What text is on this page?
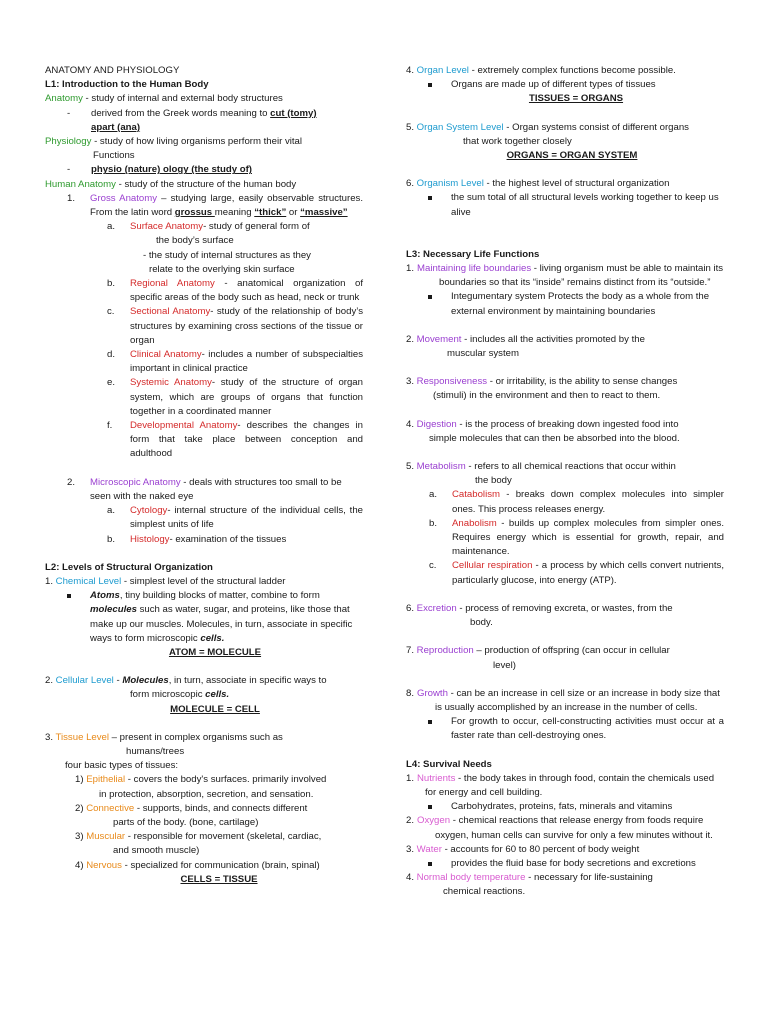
ANATOMY AND PHYSIOLOGY

L1: Introduction to the Human Body

Anatomy - study of internal and external body structures

-	derived from the Greek words meaning to cut (tomy) apart (ana)

Physiology - study of how living organisms perform their vital

Functions

-	physio (nature) ology (the study of)

Human Anatomy - study of the structure of the human body

1.	Gross Anatomy – studying large, easily observable structures. From the latin word grossus meaning “thick” or “massive”
a.	Surface Anatomy- study of general form of

the body’s surface

- the study of internal structures as they

relate to the overlying skin surface

b.	Regional Anatomy - anatomical organization of specific areas of the body such as head, neck or trunk
c.	Sectional Anatomy- study of the relationship of body’s structures by examining cross sections of the tissue or organ
d.	Clinical Anatomy- includes a number of subspecialties important in clinical practice
e.	Systemic Anatomy- study of the structure of organ system, which are groups of organs that function together in a coordinated manner
f.	Developmental Anatomy- describes the changes in form that take place between conception and adulthood
2.	Microscopic Anatomy - deals with structures too small to be seen with the naked eye
a.	Cytology- internal structure of the individual cells, the simplest units of life
b.	Histology- examination of the tissues

L2: Levels of Structural Organization

1. Chemical Level - simplest level of the structural ladder

Atoms, tiny building blocks of matter, combine to form molecules such as water, sugar, and proteins, like those that make up our muscles. Molecules, in turn, associate in specific ways to form microscopic cells.

ATOM = MOLECULE

2. Cellular Level - Molecules, in turn, associate in specific ways to

form microscopic cells.

MOLECULE = CELL

3. Tissue Level – present in complex organisms such as

humans/trees

four basic types of tissues:

1) Epithelial - covers the body's surfaces. primarily involved

in protection, absorption, secretion, and sensation.

2) Connective - supports, binds, and connects different

parts of the body. (bone, cartilage)

3) Muscular - responsible for movement (skeletal, cardiac,

and smooth muscle)

4) Nervous - specialized for communication (brain, spinal)

CELLS = TISSUE

4. Organ Level - extremely complex functions become possible.

Organs are made up of different types of tissues

TISSUES = ORGANS

5. Organ System Level - Organ systems consist of different organs

that work together closely

ORGANS = ORGAN SYSTEM

6. Organism Level - the highest level of structural organization

the sum total of all structural levels working together to keep us alive

L3: Necessary Life Functions

1. Maintaining life boundaries - living organism must be able to maintain its boundaries so that its “inside” remains distinct from its “outside.”
Integumentary system Protects the body as a whole from the external environment by maintaining boundaries

2. Movement - includes all the activities promoted by the

muscular system

3. Responsiveness - or irritability, is the ability to sense changes

(stimuli) in the environment and then to react to them.

4. Digestion - is the process of breaking down ingested food into

simple molecules that can then be absorbed into the blood.

5. Metabolism - refers to all chemical reactions that occur within

the body

a.	Catabolism - breaks down complex molecules into simpler ones. This process releases energy.
b.	Anabolism - builds up complex molecules from simpler ones. Requires energy which is essential for growth, repair, and maintenance.
c.	Cellular respiration - a process by which cells convert nutrients, particularly glucose, into energy (ATP).

6. Excretion - process of removing excreta, or wastes, from the

body.

7. Reproduction – production of offspring (can occur in cellular

level)

8. Growth - can be an increase in cell size or an increase in body size that is usually accomplished by an increase in the number of cells.
For growth to occur, cell-constructing activities must occur at a faster rate than cell-destroying ones.

L4: Survival Needs

1. Nutrients - the body takes in through food, contain the chemicals used for energy and cell building.
Carbohydrates, proteins, fats, minerals and vitamins
2. Oxygen - chemical reactions that release energy from foods require oxygen, human cells can survive for only a few minutes without it.

3. Water - accounts for 60 to 80 percent of body weight

provides the fluid base for body secretions and excretions

4. Normal body temperature - necessary for life-sustaining

chemical reactions.
